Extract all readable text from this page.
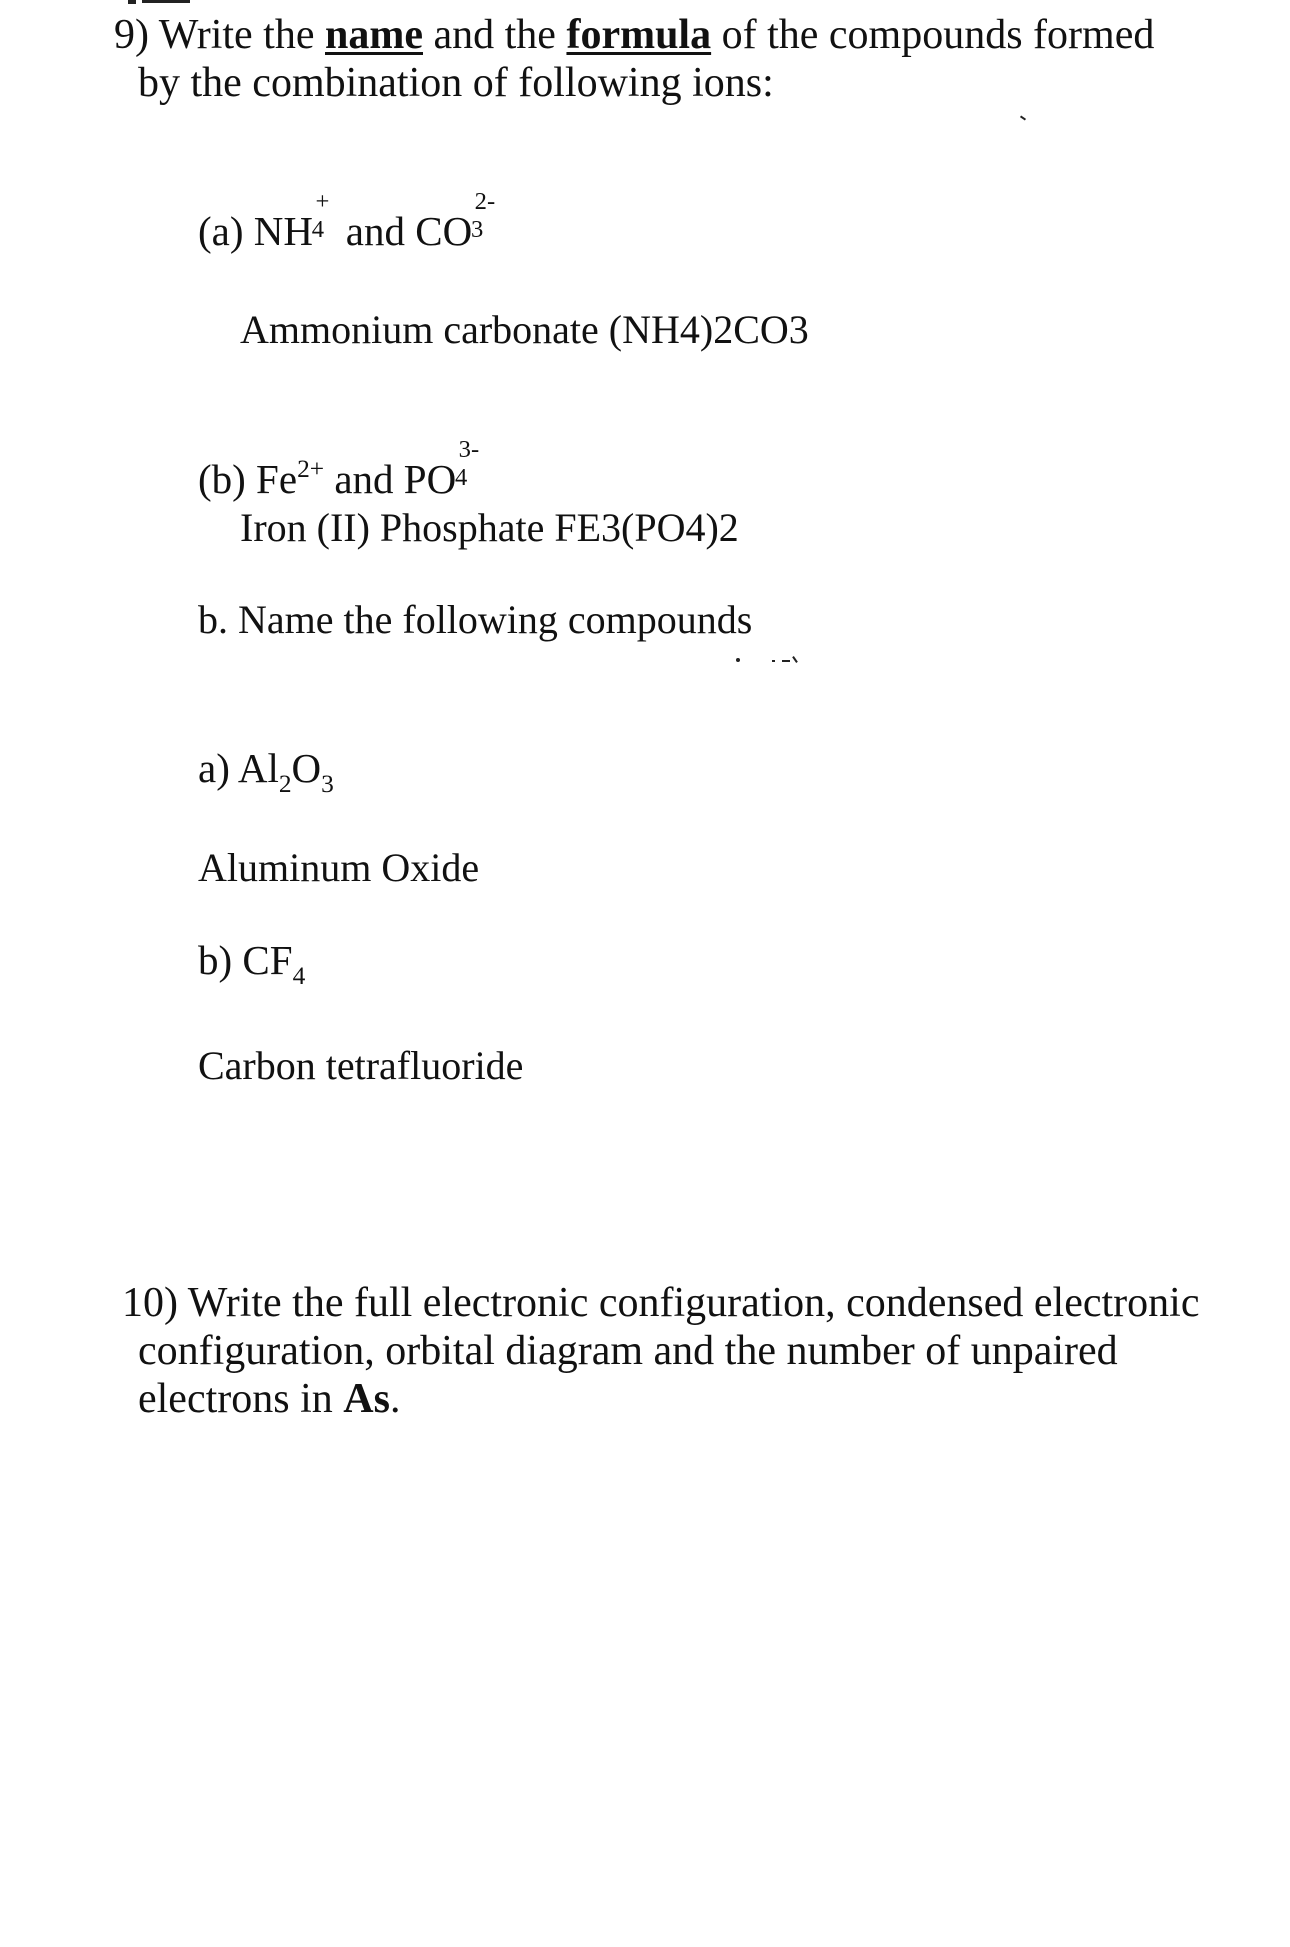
9) Write the name and the formula of the compounds formed
by the combination of following ions:
(a) NH
+
4 and CO
2-
3
Ammonium carbonate (NH4)2CO3
(b) $Fe^{2+}$ and PO
3-
4
Iron (II) Phosphate FE3(PO4)2
b. Name the following compounds
a) $Al_2O_3$
Aluminum Oxide
b) $CF_4$
Carbon tetrafluoride
10) Write the full electronic configuration, condensed electronic
configuration, orbital diagram and the number of unpaired
electrons in As.
